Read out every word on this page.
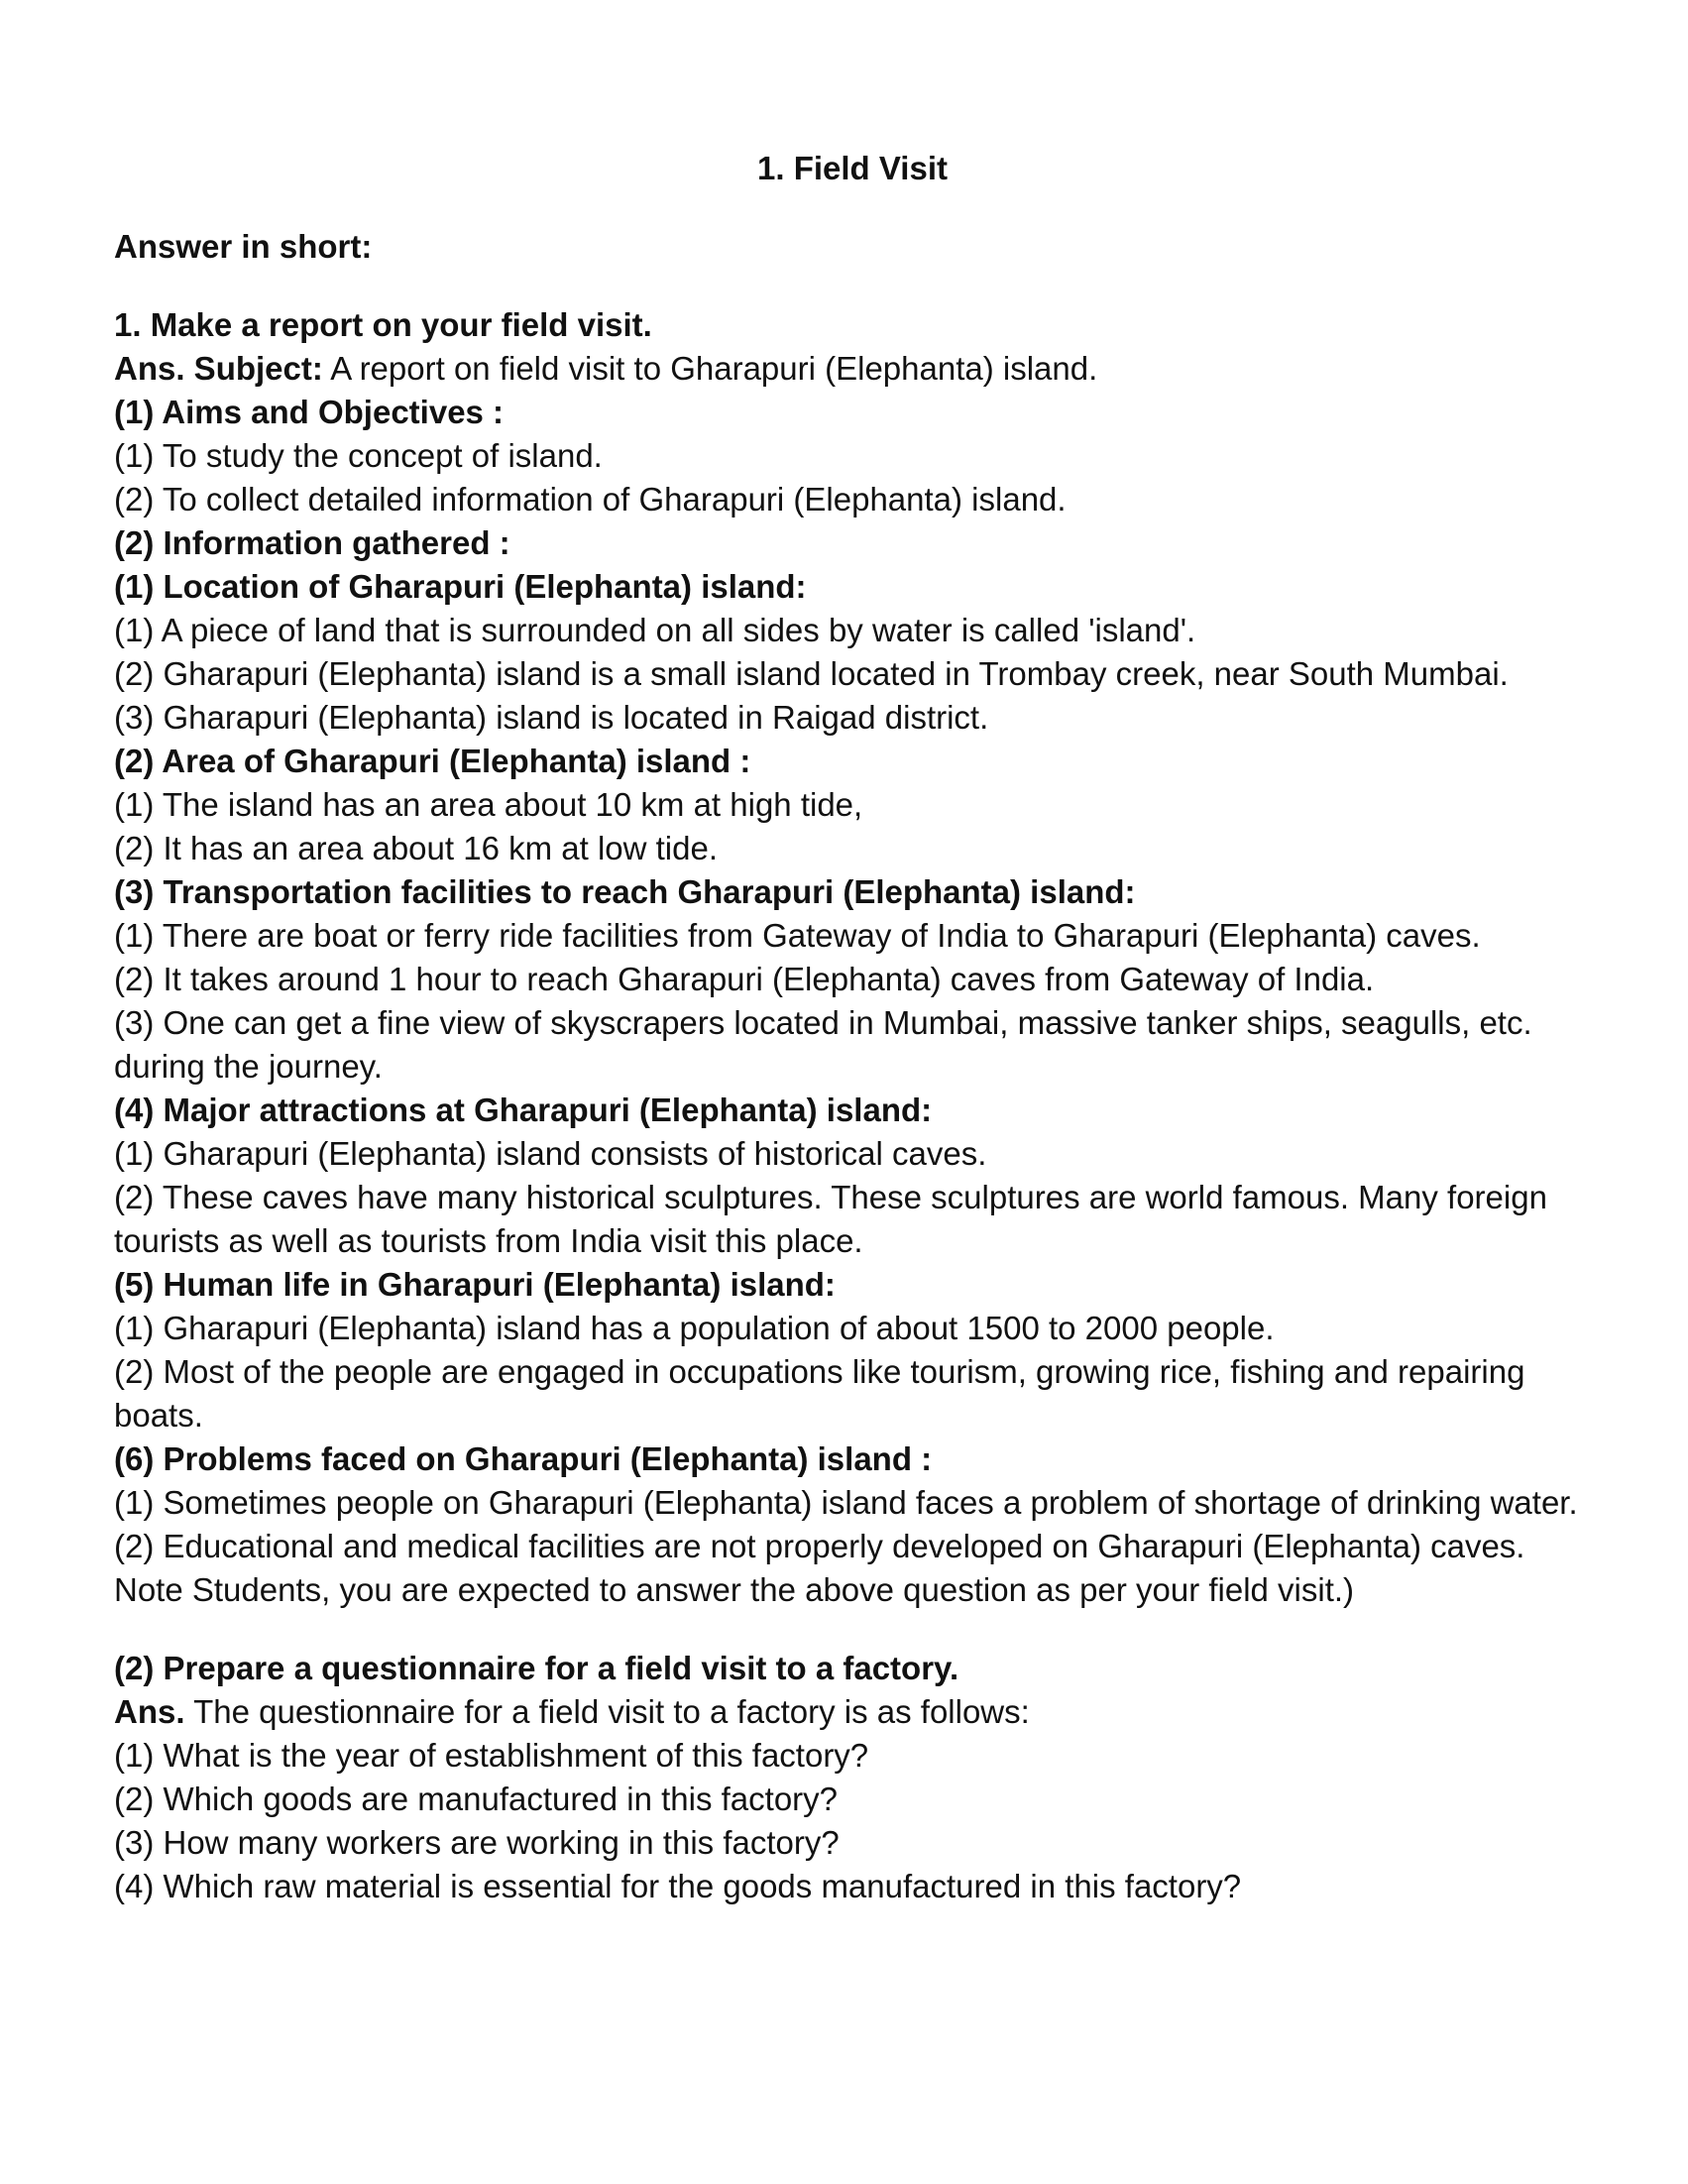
1. Field Visit

Answer in short:

1. Make a report on your field visit.

Ans. Subject: A report on field visit to Gharapuri (Elephanta) island.

(1) Aims and Objectives :

(1) To study the concept of island.

(2) To collect detailed information of Gharapuri (Elephanta) island.

(2) Information gathered :

(1) Location of Gharapuri (Elephanta) island:

(1) A piece of land that is surrounded on all sides by water is called 'island'.

(2) Gharapuri (Elephanta) island is a small island located in Trombay creek, near South Mumbai.

(3) Gharapuri (Elephanta) island is located in Raigad district.

(2) Area of Gharapuri (Elephanta) island :

(1) The island has an area about 10 km at high tide,

(2) It has an area about 16 km at low tide.

(3) Transportation facilities to reach Gharapuri (Elephanta) island:

(1) There are boat or ferry ride facilities from Gateway of India to Gharapuri (Elephanta) caves.

(2) It takes around 1 hour to reach Gharapuri (Elephanta) caves from Gateway of India.

(3) One can get a fine view of skyscrapers located in Mumbai, massive tanker ships, seagulls, etc. during the journey.

(4) Major attractions at Gharapuri (Elephanta) island:

(1) Gharapuri (Elephanta) island consists of historical caves.

(2) These caves have many historical sculptures. These sculptures are world famous. Many foreign tourists as well as tourists from India visit this place.

(5) Human life in Gharapuri (Elephanta) island:

(1) Gharapuri (Elephanta) island has a population of about 1500 to 2000 people.

(2) Most of the people are engaged in occupations like tourism, growing rice, fishing and repairing boats.

(6) Problems faced on Gharapuri (Elephanta) island :

(1) Sometimes people on Gharapuri (Elephanta) island faces a problem of shortage of drinking water.

(2) Educational and medical facilities are not properly developed on Gharapuri (Elephanta) caves.

Note Students, you are expected to answer the above question as per your field visit.)

(2) Prepare a questionnaire for a field visit to a factory.

Ans. The questionnaire for a field visit to a factory is as follows:

(1) What is the year of establishment of this factory?

(2) Which goods are manufactured in this factory?

(3) How many workers are working in this factory?

(4) Which raw material is essential for the goods manufactured in this factory?
